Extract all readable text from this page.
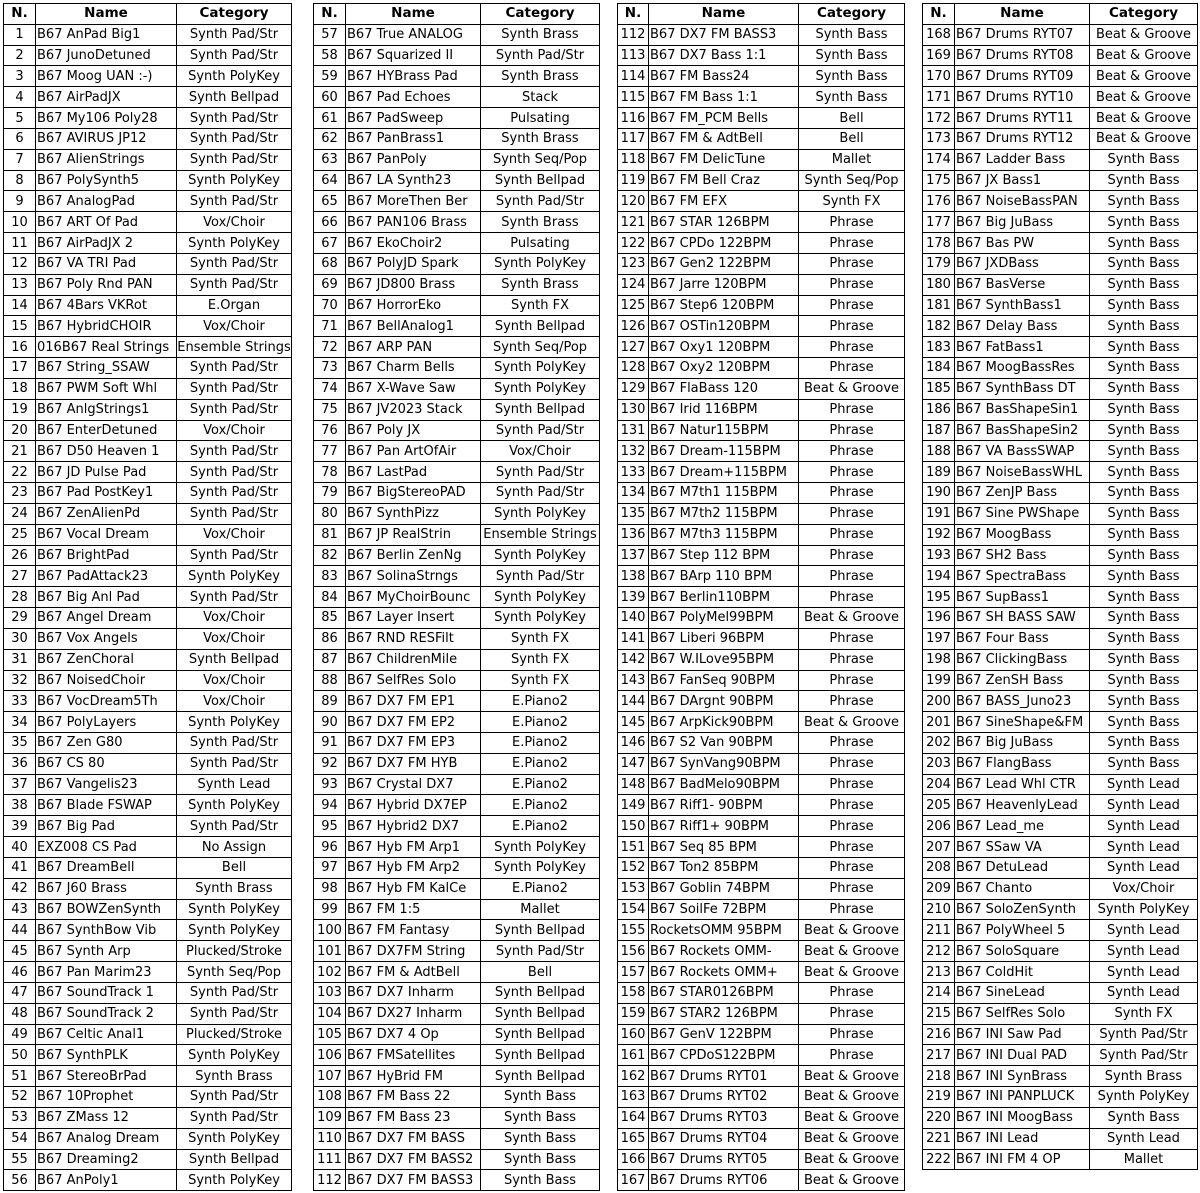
N.	Name	Category
1	B67 AnPad Big1	Synth Pad/Str
2	B67 JunoDetuned	Synth Pad/Str
3	B67 Moog UAN :-)	Synth PolyKey
4	B67 AirPadJX	Synth Bellpad
5	B67 My106 Poly28	Synth Pad/Str
6	B67 AVIRUS JP12	Synth Pad/Str
7	B67 AlienStrings	Synth Pad/Str
8	B67 PolySynth5	Synth PolyKey
9	B67 AnalogPad	Synth Pad/Str
10	B67 ART Of Pad	Vox/Choir
11	B67 AirPadJX 2	Synth PolyKey
12	B67 VA TRI Pad	Synth Pad/Str
13	B67 Poly Rnd PAN	Synth Pad/Str
14	B67 4Bars VKRot	E.Organ
15	B67 HybridCHOIR	Vox/Choir
16	016B67 Real Strings	Ensemble Strings
17	B67 String_SSAW	Synth Pad/Str
18	B67 PWM Soft Whl	Synth Pad/Str
19	B67 AnlgStrings1	Synth Pad/Str
20	B67 EnterDetuned	Vox/Choir
21	B67 D50 Heaven 1	Synth Pad/Str
22	B67 JD Pulse Pad	Synth Pad/Str
23	B67 Pad PostKey1	Synth Pad/Str
24	B67 ZenAlienPd	Synth Pad/Str
25	B67 Vocal Dream	Vox/Choir
26	B67 BrightPad	Synth Pad/Str
27	B67 PadAttack23	Synth PolyKey
28	B67 Big Anl Pad	Synth Pad/Str
29	B67 Angel Dream	Vox/Choir
30	B67 Vox Angels	Vox/Choir
31	B67 ZenChoral	Synth Bellpad
32	B67 NoisedChoir	Vox/Choir
33	B67 VocDream5Th	Vox/Choir
34	B67 PolyLayers	Synth PolyKey
35	B67 Zen G80	Synth Pad/Str
36	B67 CS 80	Synth Pad/Str
37	B67 Vangelis23	Synth Lead
38	B67 Blade FSWAP	Synth PolyKey
39	B67 Big Pad	Synth Pad/Str
40	EXZ008 CS Pad	No Assign
41	B67 DreamBell	Bell
42	B67 J60 Brass	Synth Brass
43	B67 BOWZenSynth	Synth PolyKey
44	B67 SynthBow Vib	Synth PolyKey
45	B67 Synth Arp	Plucked/Stroke
46	B67 Pan Marim23	Synth Seq/Pop
47	B67 SoundTrack 1	Synth Pad/Str
48	B67 SoundTrack 2	Synth Pad/Str
49	B67 Celtic Anal1	Plucked/Stroke
50	B67 SynthPLK	Synth PolyKey
51	B67 StereoBrPad	Synth Brass
52	B67 10Prophet	Synth Pad/Str
53	B67 ZMass 12	Synth Pad/Str
54	B67 Analog Dream	Synth PolyKey
55	B67 Dreaming2	Synth Bellpad
56	B67 AnPoly1	Synth PolyKey
N.	Name	Category
57	B67 True ANALOG	Synth Brass
58	B67 Squarized II	Synth Pad/Str
59	B67 HYBrass Pad	Synth Brass
60	B67 Pad Echoes	Stack
61	B67 PadSweep	Pulsating
62	B67 PanBrass1	Synth Brass
63	B67 PanPoly	Synth Seq/Pop
64	B67 LA Synth23	Synth Bellpad
65	B67 MoreThen Ber	Synth Pad/Str
66	B67 PAN106 Brass	Synth Brass
67	B67 EkoChoir2	Pulsating
68	B67 PolyJD Spark	Synth PolyKey
69	B67 JD800 Brass	Synth Brass
70	B67 HorrorEko	Synth FX
71	B67 BellAnalog1	Synth Bellpad
72	B67 ARP PAN	Synth Seq/Pop
73	B67 Charm Bells	Synth PolyKey
74	B67 X-Wave Saw	Synth PolyKey
75	B67 JV2023 Stack	Synth Bellpad
76	B67 Poly JX	Synth Pad/Str
77	B67 Pan ArtOfAir	Vox/Choir
78	B67 LastPad	Synth Pad/Str
79	B67 BigStereoPAD	Synth Pad/Str
80	B67 SynthPizz	Synth PolyKey
81	B67 JP RealStrin	Ensemble Strings
82	B67 Berlin ZenNg	Synth PolyKey
83	B67 SolinaStrngs	Synth Pad/Str
84	B67 MyChoirBounc	Synth PolyKey
85	B67 Layer Insert	Synth PolyKey
86	B67 RND RESFilt	Synth FX
87	B67 ChildrenMile	Synth FX
88	B67 SelfRes Solo	Synth FX
89	B67 DX7 FM EP1	E.Piano2
90	B67 DX7 FM EP2	E.Piano2
91	B67 DX7 FM EP3	E.Piano2
92	B67 DX7 FM HYB	E.Piano2
93	B67 Crystal DX7	E.Piano2
94	B67 Hybrid DX7EP	E.Piano2
95	B67 Hybrid2 DX7	E.Piano2
96	B67 Hyb FM Arp1	Synth PolyKey
97	B67 Hyb FM Arp2	Synth PolyKey
98	B67 Hyb FM KalCe	E.Piano2
99	B67 FM 1:5	Mallet
100	B67 FM Fantasy	Synth Bellpad
101	B67 DX7FM String	Synth Pad/Str
102	B67 FM & AdtBell	Bell
103	B67 DX7 Inharm	Synth Bellpad
104	B67 DX27 Inharm	Synth Bellpad
105	B67 DX7 4 Op	Synth Bellpad
106	B67 FMSatellites	Synth Bellpad
107	B67 HyBrid FM	Synth Bellpad
108	B67 FM Bass 22	Synth Bass
109	B67 FM Bass 23	Synth Bass
110	B67 DX7 FM BASS	Synth Bass
111	B67 DX7 FM BASS2	Synth Bass
112	B67 DX7 FM BASS3	Synth Bass
N.	Name	Category
112	B67 DX7 FM BASS3	Synth Bass
113	B67 DX7 Bass 1:1	Synth Bass
114	B67 FM Bass24	Synth Bass
115	B67 FM Bass 1:1	Synth Bass
116	B67 FM_PCM Bells	Bell
117	B67 FM & AdtBell	Bell
118	B67 FM DelicTune	Mallet
119	B67 FM Bell Craz	Synth Seq/Pop
120	B67 FM EFX	Synth FX
121	B67 STAR 126BPM	Phrase
122	B67 CPDo 122BPM	Phrase
123	B67 Gen2 122BPM	Phrase
124	B67 Jarre 120BPM	Phrase
125	B67 Step6 120BPM	Phrase
126	B67 OSTin120BPM	Phrase
127	B67 Oxy1 120BPM	Phrase
128	B67 Oxy2 120BPM	Phrase
129	B67 FlaBass 120	Beat & Groove
130	B67 Irid 116BPM	Phrase
131	B67 Natur115BPM	Phrase
132	B67 Dream-115BPM	Phrase
133	B67 Dream+115BPM	Phrase
134	B67 M7th1 115BPM	Phrase
135	B67 M7th2 115BPM	Phrase
136	B67 M7th3 115BPM	Phrase
137	B67 Step 112 BPM	Phrase
138	B67 BArp 110 BPM	Phrase
139	B67 Berlin110BPM	Phrase
140	B67 PolyMel99BPM	Beat & Groove
141	B67 Liberi 96BPM	Phrase
142	B67 W.ILove95BPM	Phrase
143	B67 FanSeq 90BPM	Phrase
144	B67 DArgnt 90BPM	Phrase
145	B67 ArpKick90BPM	Beat & Groove
146	B67 S2 Van 90BPM	Phrase
147	B67 SynVang90BPM	Phrase
148	B67 BadMelo90BPM	Phrase
149	B67 Riff1- 90BPM	Phrase
150	B67 Riff1+ 90BPM	Phrase
151	B67 Seq 85 BPM	Phrase
152	B67 Ton2 85BPM	Phrase
153	B67 Goblin 74BPM	Phrase
154	B67 SoilFe 72BPM	Phrase
155	RocketsOMM 95BPM	Beat & Groove
156	B67 Rockets OMM-	Beat & Groove
157	B67 Rockets OMM+	Beat & Groove
158	B67 STAR0126BPM	Phrase
159	B67 STAR2 126BPM	Phrase
160	B67 GenV 122BPM	Phrase
161	B67 CPDoS122BPM	Phrase
162	B67 Drums RYT01	Beat & Groove
163	B67 Drums RYT02	Beat & Groove
164	B67 Drums RYT03	Beat & Groove
165	B67 Drums RYT04	Beat & Groove
166	B67 Drums RYT05	Beat & Groove
167	B67 Drums RYT06	Beat & Groove
N.	Name	Category
168	B67 Drums RYT07	Beat & Groove
169	B67 Drums RYT08	Beat & Groove
170	B67 Drums RYT09	Beat & Groove
171	B67 Drums RYT10	Beat & Groove
172	B67 Drums RYT11	Beat & Groove
173	B67 Drums RYT12	Beat & Groove
174	B67 Ladder Bass	Synth Bass
175	B67 JX Bass1	Synth Bass
176	B67 NoiseBassPAN	Synth Bass
177	B67 Big JuBass	Synth Bass
178	B67 Bas PW	Synth Bass
179	B67 JXDBass	Synth Bass
180	B67 BasVerse	Synth Bass
181	B67 SynthBass1	Synth Bass
182	B67 Delay Bass	Synth Bass
183	B67 FatBass1	Synth Bass
184	B67 MoogBassRes	Synth Bass
185	B67 SynthBass DT	Synth Bass
186	B67 BasShapeSin1	Synth Bass
187	B67 BasShapeSin2	Synth Bass
188	B67 VA BassSWAP	Synth Bass
189	B67 NoiseBassWHL	Synth Bass
190	B67 ZenJP Bass	Synth Bass
191	B67 Sine PWShape	Synth Bass
192	B67 MoogBass	Synth Bass
193	B67 SH2 Bass	Synth Bass
194	B67 SpectraBass	Synth Bass
195	B67 SupBass1	Synth Bass
196	B67 SH BASS SAW	Synth Bass
197	B67 Four Bass	Synth Bass
198	B67 ClickingBass	Synth Bass
199	B67 ZenSH Bass	Synth Bass
200	B67 BASS_Juno23	Synth Bass
201	B67 SineShape&FM	Synth Bass
202	B67 Big JuBass	Synth Bass
203	B67 FlangBass	Synth Bass
204	B67 Lead Whl CTR	Synth Lead
205	B67 HeavenlyLead	Synth Lead
206	B67 Lead_me	Synth Lead
207	B67 SSaw VA	Synth Lead
208	B67 DetuLead	Synth Lead
209	B67 Chanto	Vox/Choir
210	B67 SoloZenSynth	Synth PolyKey
211	B67 PolyWheel 5	Synth Lead
212	B67 SoloSquare	Synth Lead
213	B67 ColdHit	Synth Lead
214	B67 SineLead	Synth Lead
215	B67 SelfRes Solo	Synth FX
216	B67 INI Saw Pad	Synth Pad/Str
217	B67 INI Dual PAD	Synth Pad/Str
218	B67 INI SynBrass	Synth Brass
219	B67 INI PANPLUCK	Synth PolyKey
220	B67 INI MoogBass	Synth Bass
221	B67 INI Lead	Synth Lead
222	B67 INI FM 4 OP	Mallet
